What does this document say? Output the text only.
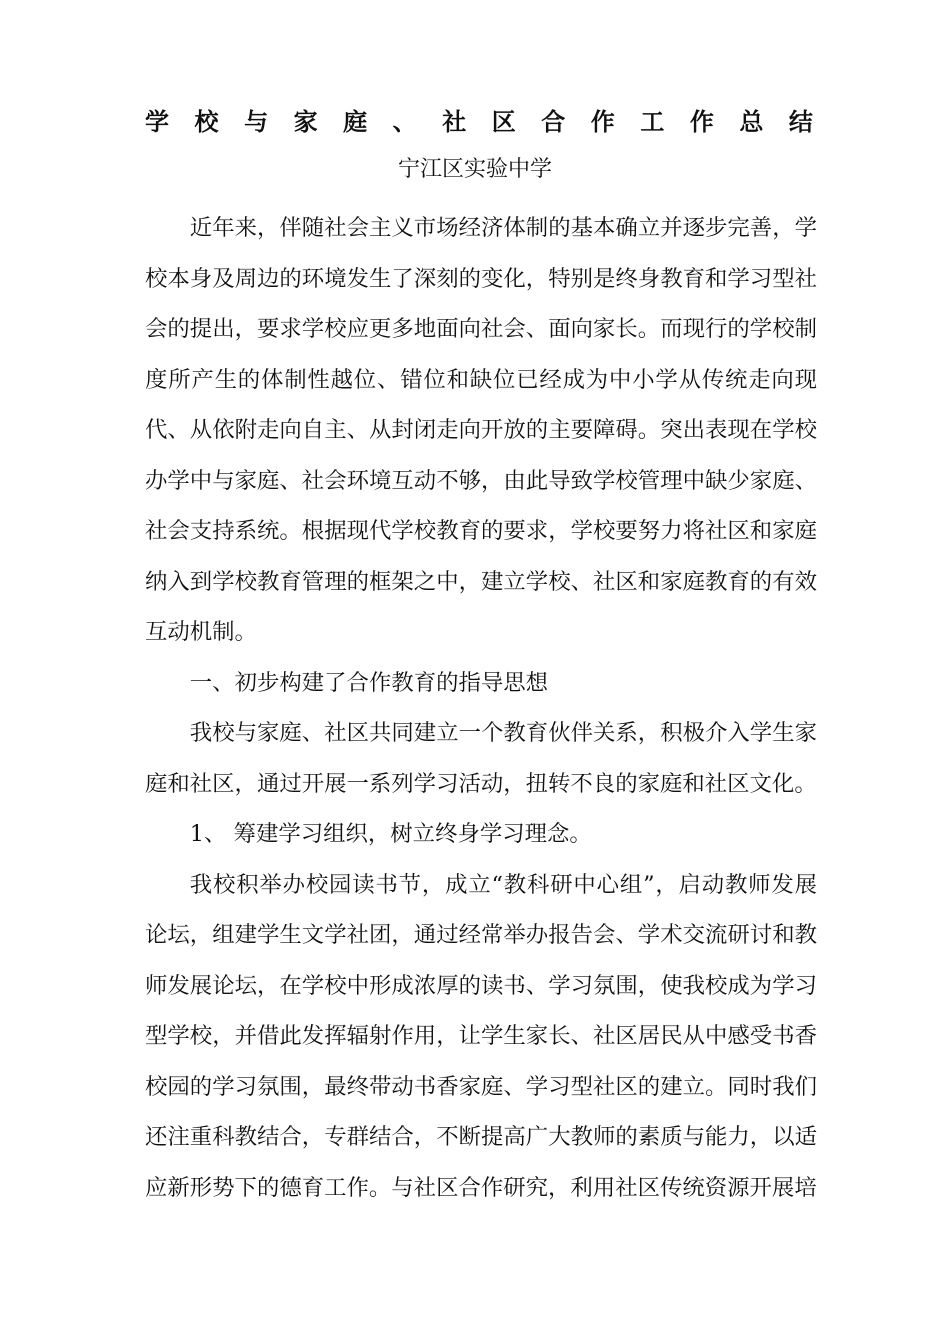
学 校 与 家 庭 、 社 区 合 作 工 作 总 结
宁江区实验中学

近年来，伴随社会主义市场经济体制的基本确立并逐步完善，学校本身及周边的环境发生了深刻的变化，特别是终身教育和学习型社会的提出，要求学校应更多地面向社会、面向家长。而现行的学校制度所产生的体制性越位、错位和缺位已经成为中小学从传统走向现代、从依附走向自主、从封闭走向开放的主要障碍。突出表现在学校办学中与家庭、社会环境互动不够，由此导致学校管理中缺少家庭、社会支持系统。根据现代学校教育的要求，学校要努力将社区和家庭纳入到学校教育管理的框架之中，建立学校、社区和家庭教育的有效互动机制。

一、初步构建了合作教育的指导思想

我校与家庭、社区共同建立一个教育伙伴关系，积极介入学生家庭和社区，通过开展一系列学习活动，扭转不良的家庭和社区文化。

1、 筹建学习组织，树立终身学习理念。

我校积举办校园读书节，成立“教科研中心组”，启动教师发展论坛，组建学生文学社团，通过经常举办报告会、学术交流研讨和教师发展论坛，在学校中形成浓厚的读书、学习氛围，使我校成为学习型学校，并借此发挥辐射作用，让学生家长、社区居民从中感受书香校园的学习氛围，最终带动书香家庭、学习型社区的建立。同时我们还注重科教结合，专群结合，不断提高广大教师的素质与能力，以适应新形势下的德育工作。与社区合作研究，利用社区传统资源开展培
